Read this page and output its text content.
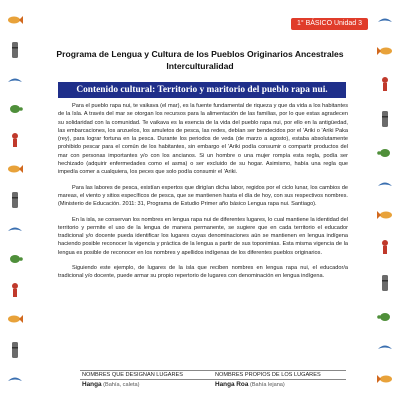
1° BÁSICO Unidad 3
Programa de Lengua y Cultura de los Pueblos Originarios Ancestrales
Interculturalidad
Contenido cultural: Territorio y maritorio del pueblo rapa nui.

Para el pueblo rapa nui, te vaikava (el mar), es la fuente fundamental de riqueza y que da vida a los habitantes de la Isla. A través del mar se otorgan los recursos para la alimentación de las familias, por lo que estas agradecen su solidaridad con la comunidad. Te vaikava es la esencia de la vida del pueblo rapa nui, por ello en la antigüedad, las embarcaciones, los anzuelos, los amuletos de pesca, las redes, debían ser bendecidos por el 'Ariki o 'Ariki Paka (rey), para lograr fortuna en la pesca. Durante los periodos de veda (de marzo a agosto), estaba absolutamente prohibido pescar para el común de los habitantes, sin embargo el 'Ariki podía consumir o compartir productos del mar con personas importantes y/o con los ancianos. Si un hombre o una mujer rompía esta regla, podía ser hechizado (adquirir enfermedades como el asma) o ser excluido de su hogar. Asimismo, había una regla que impedía comer a cualquiera, los peces que solo podía consumir el 'Ariki.

Para las labores de pesca, existían expertos que dirigían dicha labor, regidos por el ciclo lunar, los cambios de mareas, el viento y sitios específicos de pesca, que se mantienen hasta el día de hoy, con sus respectivos nombres. (Ministerio de Educación. 2011: 31, Programa de Estudio Primer año básico Lengua rapa nui. Santiago).

En la isla, se conservan los nombres en lengua rapa nui de diferentes lugares, lo cual mantiene la identidad del territorio y permite el uso de la lengua de manera permanente, se sugiere que en cada territorio el educador tradicional y/o docente pueda identificar los lugares cuyas denominaciones aún se mantienen en lengua indígena haciendo posible reconocer la vigencia y práctica de la lengua a partir de sus toponimias. Esta misma vigencia de la lengua es posible de reconocer en los nombres y apellidos indígenas de los diferentes pueblos originarios.

Siguiendo este ejemplo, de lugares de la isla que reciben nombres en lengua rapa nui, el educador/a tradicional y/o docente, puede armar su propio repertorio de lugares con denominación en lengua indígena.

NOMBRES QUE DESIGNAN LUGARES	NOMBRES PROPIOS DE LOS LUGARES
Hanga (Bahía, caleta)	Hanga Roa (Bahía lejana)
